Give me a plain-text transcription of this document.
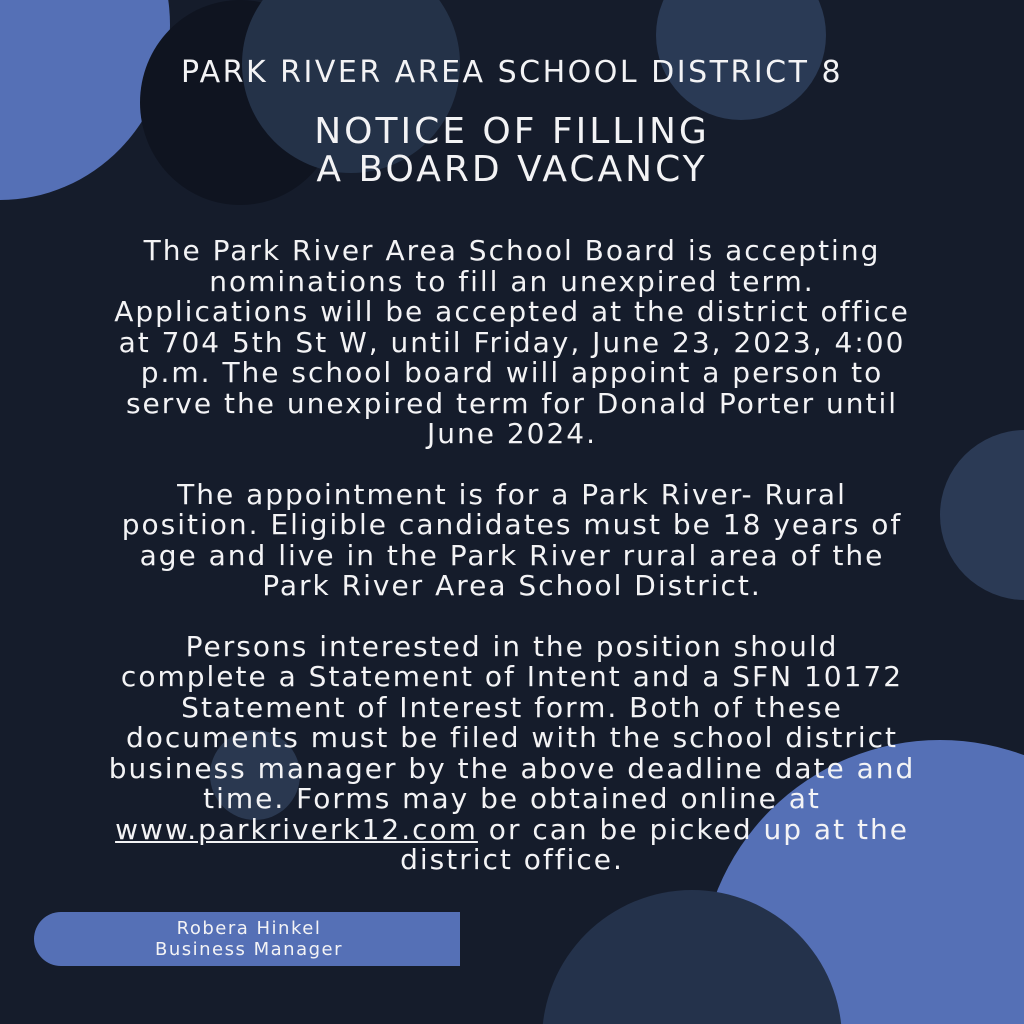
PARK RIVER AREA SCHOOL DISTRICT 8
NOTICE OF FILLING
A BOARD VACANCY
The Park River Area School Board is accepting
nominations to fill an unexpired term.
Applications will be accepted at the district office
at 704 5th St W, until Friday, June 23, 2023, 4:00
p.m. The school board will appoint a person to
serve the unexpired term for Donald Porter until
June 2024.
The appointment is for a Park River- Rural
position. Eligible candidates must be 18 years of
age and live in the Park River rural area of the
Park River Area School District.
Persons interested in the position should
complete a Statement of Intent and a SFN 10172
Statement of Interest form. Both of these
documents must be filed with the school district
business manager by the above deadline date and
time. Forms may be obtained online at
www.parkriverk12.com or can be picked up at the
district office.
Robera Hinkel
Business Manager
